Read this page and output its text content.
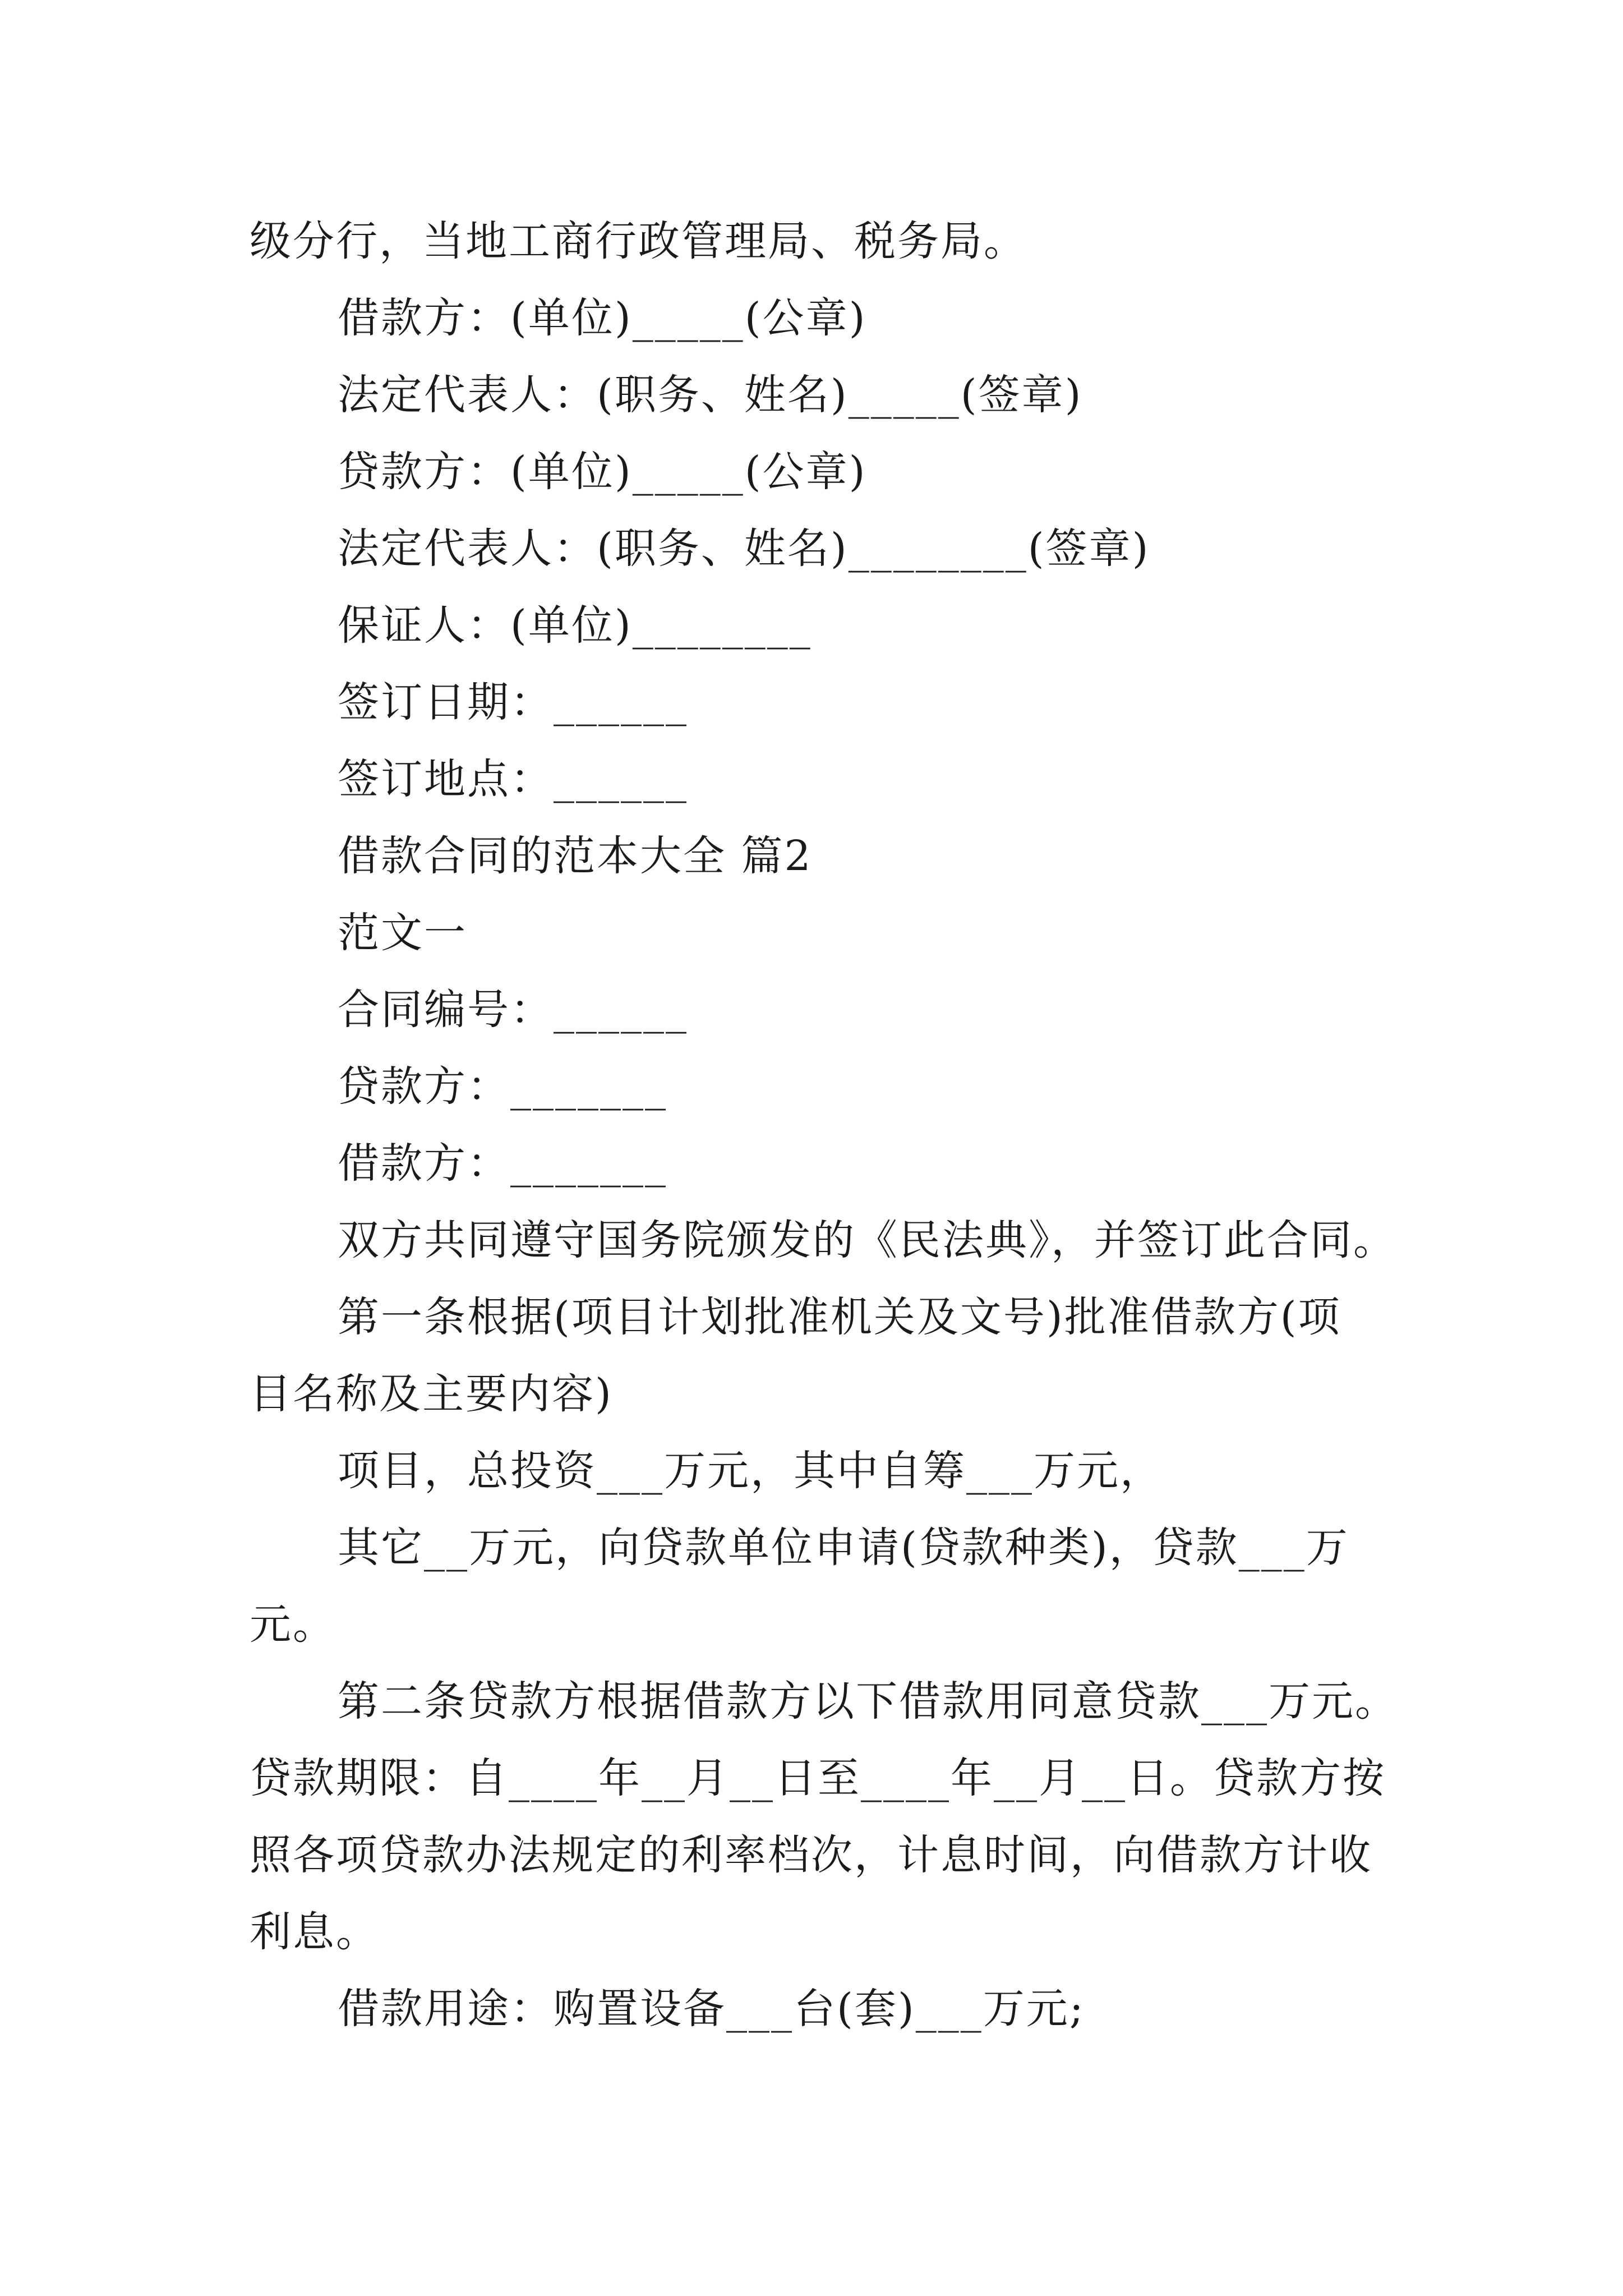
级分行，当地工商行政管理局、税务局。
借款方：(单位)_____(公章)
法定代表人：(职务、姓名)_____(签章)
贷款方：(单位)_____(公章)
法定代表人：(职务、姓名)________(签章)
保证人：(单位)________
签订日期：______
签订地点：______
借款合同的范本大全 篇2
范文一
合同编号：______
贷款方：_______
借款方：_______
双方共同遵守国务院颁发的《民法典》，并签订此合同。
第一条根据(项目计划批准机关及文号)批准借款方(项
目名称及主要内容)
项目，总投资___万元，其中自筹___万元，
其它__万元，向贷款单位申请(贷款种类)，贷款___万
元。
第二条贷款方根据借款方以下借款用同意贷款___万元。
贷款期限：自____年__月__日至____年__月__日。贷款方按
照各项贷款办法规定的利率档次，计息时间，向借款方计收
利息。
借款用途：购置设备___台(套)___万元;
